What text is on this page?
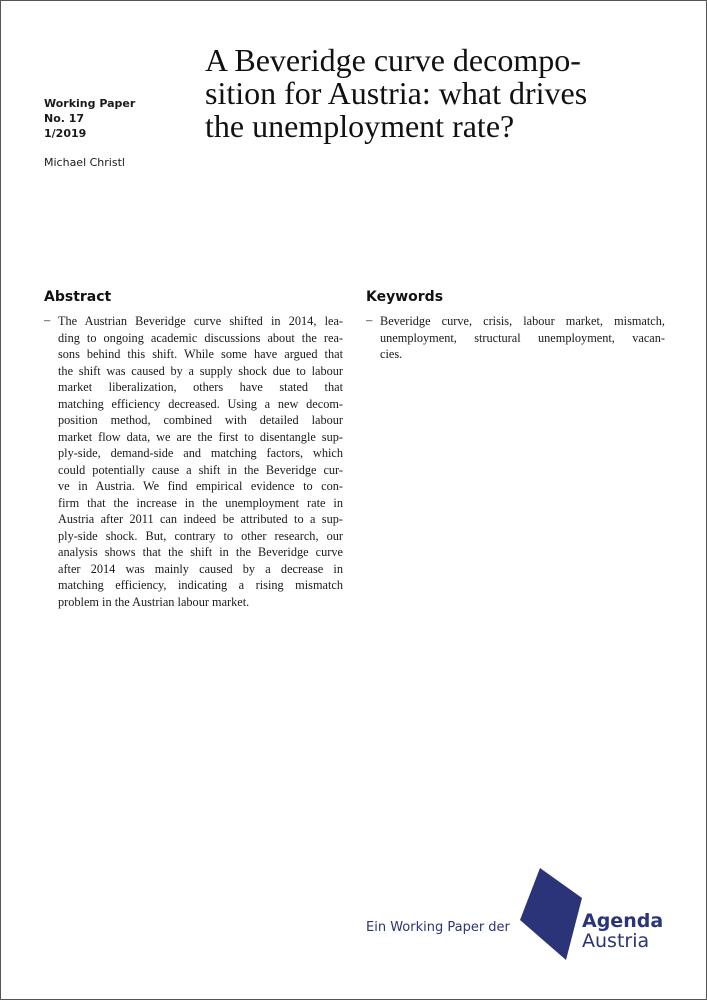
Working Paper
No. 17
1/2019
Michael Christl
A Beveridge curve decompo-
sition for Austria: what drives
the unemployment rate?
Abstract	Keywords
– The Austrian Beveridge curve shifted in 2014, lea-
ding to ongoing academic discussions about the rea-
sons behind this shift. While some have argued that
the shift was caused by a supply shock due to labour
market liberalization, others have stated that
matching efficiency decreased. Using a new decom-
position method, combined with detailed labour
market flow data, we are the first to disentangle sup-
ply-side, demand-side and matching factors, which
could potentially cause a shift in the Beveridge cur-
ve in Austria. We find empirical evidence to con-
firm that the increase in the unemployment rate in
Austria after 2011 can indeed be attributed to a sup-
ply-side shock. But, contrary to other research, our
analysis shows that the shift in the Beveridge curve
after 2014 was mainly caused by a decrease in
matching efficiency, indicating a rising mismatch
problem in the Austrian labour market.
– Beveridge curve, crisis, labour market, mismatch,
unemployment, structural unemployment, vacan-
cies.
Ein Working Paper der	Agenda
Austria
